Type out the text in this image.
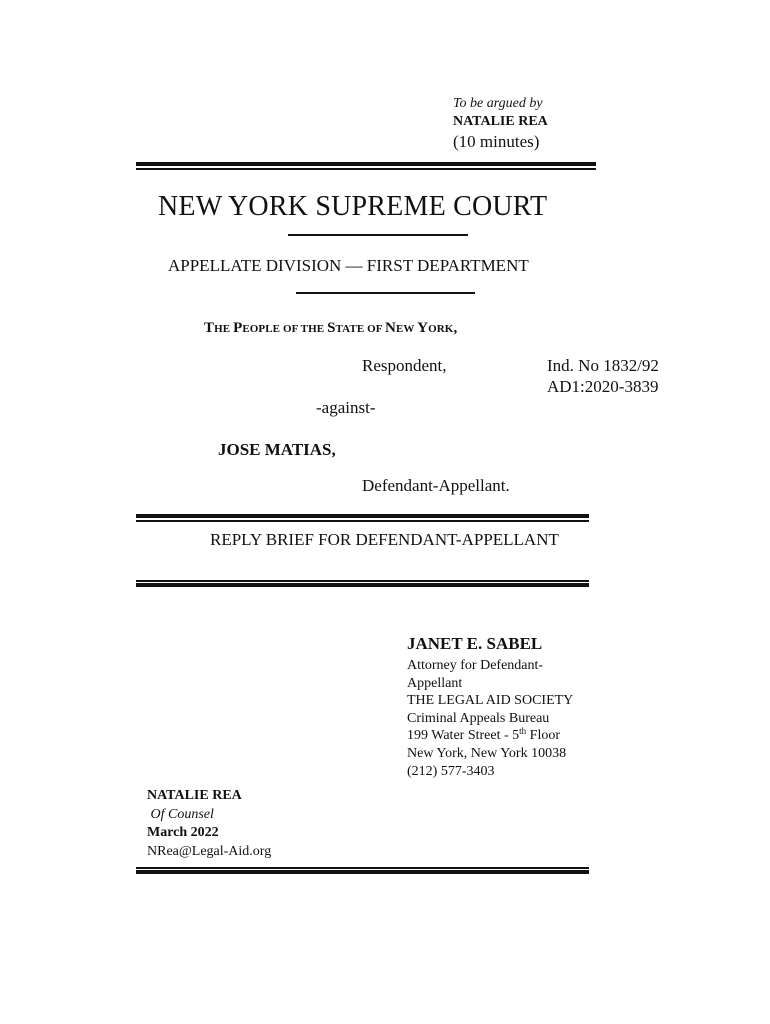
To be argued by
NATALIE REA
(10 minutes)
NEW YORK SUPREME COURT
APPELLATE DIVISION — FIRST DEPARTMENT
THE PEOPLE OF THE STATE OF NEW YORK,
Respondent,	Ind. No 1832/92
AD1:2020-3839
-against-
JOSE MATIAS,
Defendant-Appellant.
REPLY BRIEF FOR DEFENDANT-APPELLANT
JANET E. SABEL
Attorney for Defendant-
Appellant
THE LEGAL AID SOCIETY
Criminal Appeals Bureau
199 Water Street - 5th Floor
New York, New York 10038
(212) 577-3403
NATALIE REA
Of Counsel
March 2022
NRea@Legal-Aid.org
